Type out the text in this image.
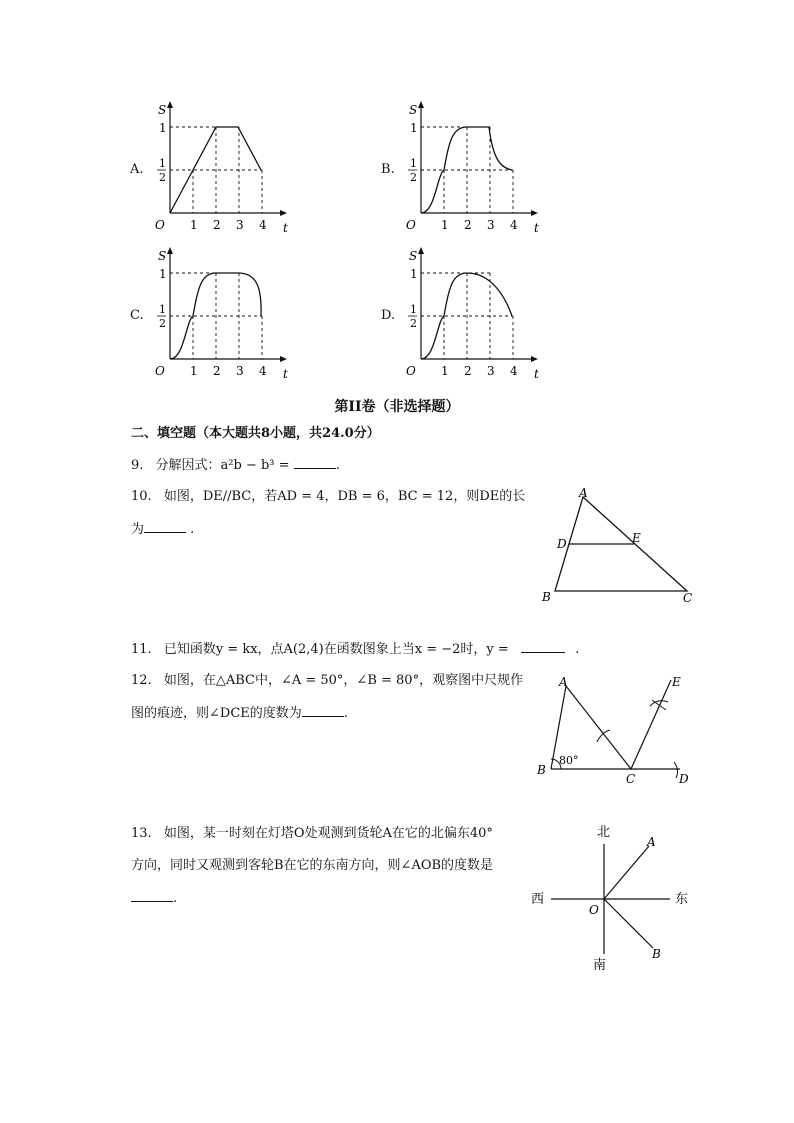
A.
1 2 3 4
O	t
S
1
1
2
B.
1 2 3 4
O	t
S
1
1
2
C.
1 2 3 4
O	t
S
1
1
2
D.
1 2 3 4
O	t
S
1
1
2
第II卷（非选择题）
二、填空题（本大题共8小题，共24.0分）
9. 分解因式：a²b − b³ =	.
10. 如图，DE//BC，若AD = 4，DB = 6，BC = 12，则DE的长
为	.
A
D	E
B	C
11. 已知函数y = kx，点A(2,4)在函数图象上当x = −2时，y =	.
12. 如图，在△ABC中，∠A = 50°，∠B = 80°，观察图中尺规作
图的痕迹，则∠DCE的度数为	.
A
B
C	D
E
80°
13. 如图，某一时刻在灯塔O处观测到货轮A在它的北偏东40°
方向，同时又观测到客轮B在它的东南方向，则∠AOB的度数是
.
北
南
西	东
O
A
B
